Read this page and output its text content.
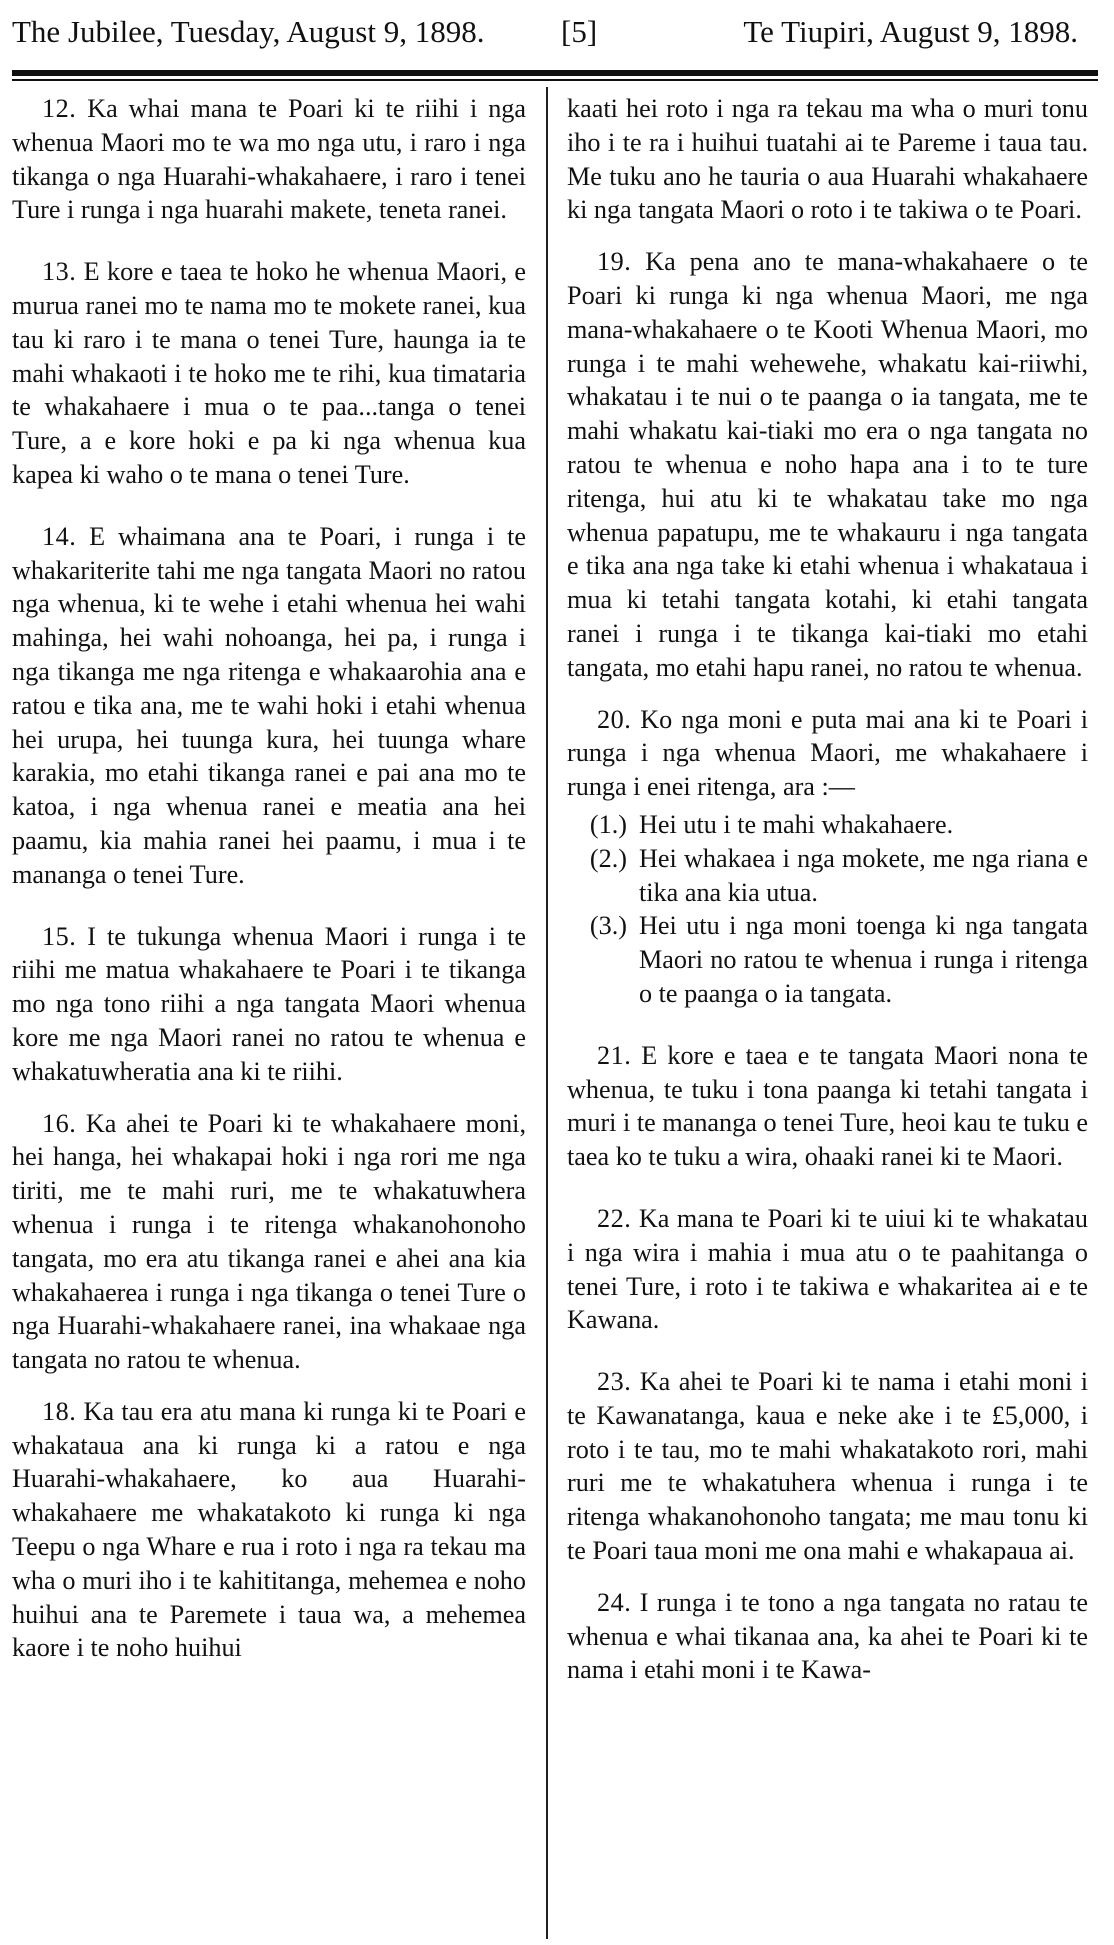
The Jubilee, Tuesday, August 9, 1898. [5]	Te Tiupiri, August 9, 1898.

12. Ka whai mana te Poari ki te riihi i nga whenua Maori mo te wa mo nga utu, i raro i nga tikanga o nga Huarahi-whakahaere, i raro i tenei Ture i runga i nga huarahi makete, teneta ranei.

13. E kore e taea te hoko he whenua Maori, e murua ranei mo te nama mo te mokete ranei, kua tau ki raro i te mana o tenei Ture, haunga ia te mahi whakaoti i te hoko me te rihi, kua timataria te whakahaere i mua o te paa...tanga o tenei Ture, a e kore hoki e pa ki nga whenua kua kapea ki waho o te mana o tenei Ture.

14. E whaimana ana te Poari, i runga i te whakariterite tahi me nga tangata Maori no ratou nga whenua, ki te wehe i etahi whenua hei wahi mahinga, hei wahi nohoanga, hei pa, i runga i nga tikanga me nga ritenga e whakaarohia ana e ratou e tika ana, me te wahi hoki i etahi whenua hei urupa, hei tuunga kura, hei tuunga whare karakia, mo etahi tikanga ranei e pai ana mo te katoa, i nga whenua ranei e meatia ana hei paamu, kia mahia ranei hei paamu, i mua i te mananga o tenei Ture.

15. I te tukunga whenua Maori i runga i te riihi me matua whakahaere te Poari i te tikanga mo nga tono riihi a nga tangata Maori whenua kore me nga Maori ranei no ratou te whenua e whakatuwheratia ana ki te riihi.

16. Ka ahei te Poari ki te whakahaere moni, hei hanga, hei whakapai hoki i nga rori me nga tiriti, me te mahi ruri, me te whakatuwhera whenua i runga i te ritenga whakanohonoho tangata, mo era atu tikanga ranei e ahei ana kia whakahaerea i runga i nga tikanga o tenei Ture o nga Huarahi-whakahaere ranei, ina whakaae nga tangata no ratou te whenua.

18. Ka tau era atu mana ki runga ki te Poari e whakataua ana ki runga ki a ratou e nga Huarahi-whakahaere, ko aua Huarahi-whakahaere me whakatakoto ki runga ki nga Teepu o nga Whare e rua i roto i nga ra tekau ma wha o muri iho i te kahititanga, mehemea e noho huihui ana te Paremete i taua wa, a mehemea kaore i te noho huihui

kaati hei roto i nga ra tekau ma wha o muri tonu iho i te ra i huihui tuatahi ai te Paremе i taua tau. Me tuku ano he tauria o aua Huarahi whakahaere ki nga tangata Maori o roto i te takiwa o te Poari.

19. Ka pena ano te mana-whakahaere o te Poari ki runga ki nga whenua Maori, me nga mana-whakahaere o te Kooti Whenua Maori, mo runga i te mahi wehewehe, whakatu kai-riiwhi, whakatau i te nui o te paanga o ia tangata, me te mahi whakatu kai-tiaki mo era o nga tangata no ratou te whenua e noho hapa ana i to te ture ritenga, hui atu ki te whakatau take mo nga whenua papatupu, me te whakauru i nga tangata e tika ana nga take ki etahi whenua i whakataua i mua ki tetahi tangata kotahi, ki etahi tangata ranei i runga i te tikanga kai-tiaki mo etahi tangata, mo etahi hapu ranei, no ratou te whenua.

20. Ko nga moni e puta mai ana ki te Poari i runga i nga whenua Maori, me whakahaere i runga i enei ritenga, ara :—

(1.) Hei utu i te mahi whakahaere.
(2.) Hei whakaea i nga mokete, me nga riana e tika ana kia utua.
(3.) Hei utu i nga moni toenga ki nga tangata Maori no ratou te whenua i runga i ritenga o te paanga o ia tangata.

21. E kore e taea e te tangata Maori nona te whenua, te tuku i tona paanga ki tetahi tangata i muri i te mananga o tenei Ture, heoi kau te tuku e taea ko te tuku a wira, ohaaki ranei ki te Maori.

22. Ka mana te Poari ki te uiui ki te whakatau i nga wira i mahia i mua atu o te paahitanga o tenei Ture, i roto i te takiwa e whakaritea ai e te Kawana.

23. Ka ahei te Poari ki te nama i etahi moni i te Kawanatanga, kaua e neke ake i te £5,000, i roto i te tau, mo te mahi whakatakoto rori, mahi ruri me te whakatuhera whenua i runga i te ritenga whakanohonoho tangata; me mau tonu ki te Poari taua moni me ona mahi e whakapaua ai.

24. I runga i te tono a nga tangata no ratau te whenua e whai tikanaa ana, ka ahei te Poari ki te nama i etahi moni i te Kawa-
